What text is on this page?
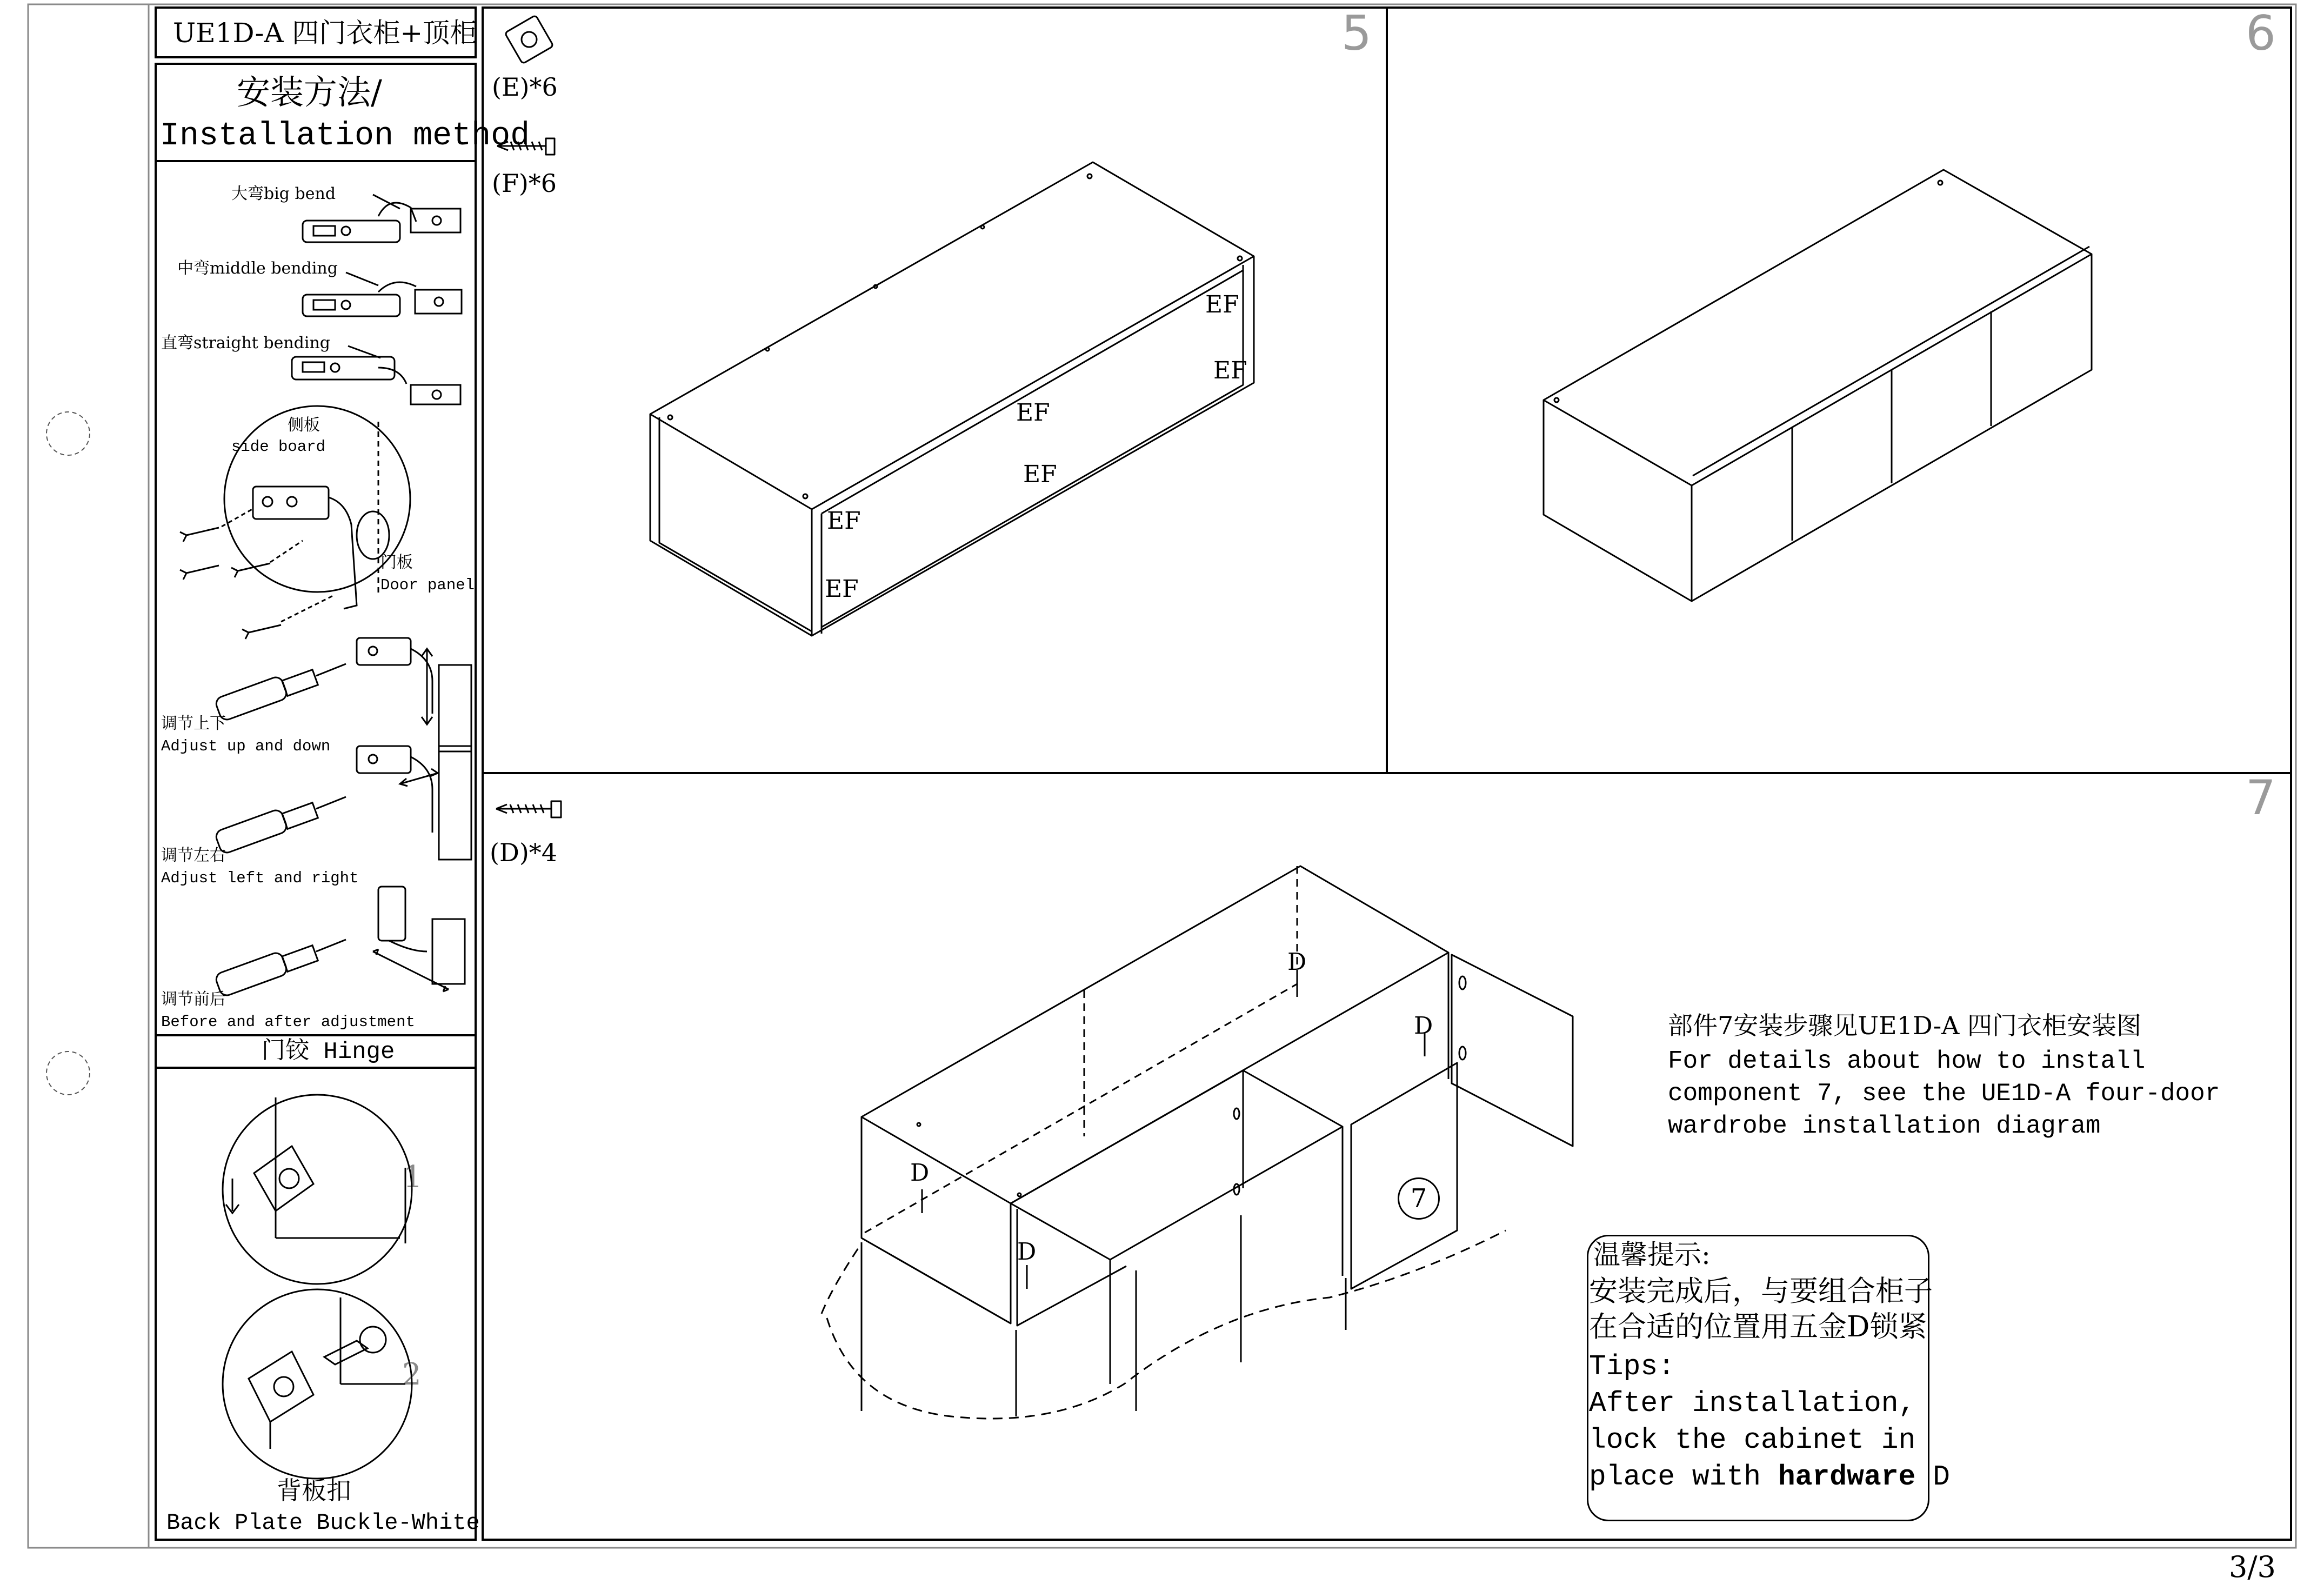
UE1D-A 四门衣柜+顶柜
安装方法/
Installation method
大弯big bend
中弯middle bending
直弯straight bending
侧板
side board
门板
Door panel
调节上下
Adjust up and down
调节左右
Adjust left and right
调节前后
Before and after adjustment
门铰 Hinge
1
2
背板扣
Back Plate Buckle-White
5	6
7
(E)*6
(F)*6
(D)*4
EF
EF
EF
EF
EF
EF
D
D
D
D
7
部件7安装步骤见UE1D-A 四门衣柜安装图
For details about how to install
component 7, see the UE1D-A four-door
wardrobe installation diagram
温馨提示:
安装完成后，与要组合柜子
在合适的位置用五金D锁紧
Tips:
After installation,
lock the cabinet in
place with hardware D
3/3
